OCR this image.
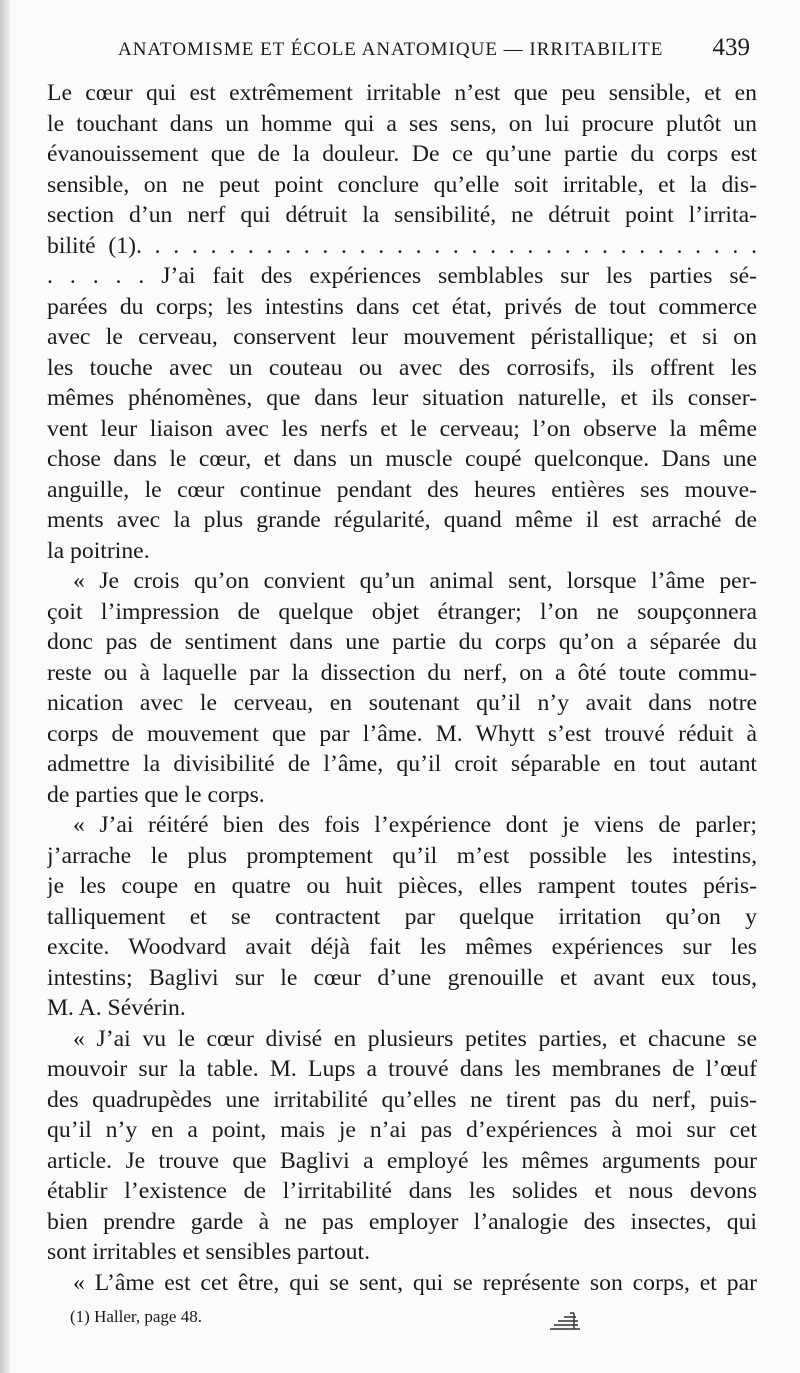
ANATOMISME ET ÉCOLE ANATOMIQUE — IRRITABILITE 439
Le cœur qui est extrêmement irritable n’est que peu sensible, et en
le touchant dans un homme qui a ses sens, on lui procure plutôt un
évanouissement que de la douleur. De ce qu’une partie du corps est
sensible, on ne peut point conclure qu’elle soit irritable, et la dis-
section d’un nerf qui détruit la sensibilité, ne détruit point l’irrita-
bilité (1). . . . . . . . . . . . . . . . . . . . . . . . . . . . . . . . . .
. . . . . J’ai fait des expériences semblables sur les parties sé-
parées du corps; les intestins dans cet état, privés de tout commerce
avec le cerveau, conservent leur mouvement péristallique; et si on
les touche avec un couteau ou avec des corrosifs, ils offrent les
mêmes phénomènes, que dans leur situation naturelle, et ils conser-
vent leur liaison avec les nerfs et le cerveau; l’on observe la même
chose dans le cœur, et dans un muscle coupé quelconque. Dans une
anguille, le cœur continue pendant des heures entières ses mouve-
ments avec la plus grande régularité, quand même il est arraché de
la poitrine.
« Je crois qu’on convient qu’un animal sent, lorsque l’âme per-
çoit l’impression de quelque objet étranger; l’on ne soupçonnera
donc pas de sentiment dans une partie du corps qu’on a séparée du
reste ou à laquelle par la dissection du nerf, on a ôté toute commu-
nication avec le cerveau, en soutenant qu’il n’y avait dans notre
corps de mouvement que par l’âme. M. Whytt s’est trouvé réduit à
admettre la divisibilité de l’âme, qu’il croit séparable en tout autant
de parties que le corps.
« J’ai réitéré bien des fois l’expérience dont je viens de parler;
j’arrache le plus promptement qu’il m’est possible les intestins,
je les coupe en quatre ou huit pièces, elles rampent toutes péris-
talliquement et se contractent par quelque irritation qu’on y
excite. Woodvard avait déjà fait les mêmes expériences sur les
intestins; Baglivi sur le cœur d’une grenouille et avant eux tous,
M. A. Sévérin.
« J’ai vu le cœur divisé en plusieurs petites parties, et chacune se
mouvoir sur la table. M. Lups a trouvé dans les membranes de l’œuf
des quadrupèdes une irritabilité qu’elles ne tirent pas du nerf, puis-
qu’il n’y en a point, mais je n’ai pas d’expériences à moi sur cet
article. Je trouve que Baglivi a employé les mêmes arguments pour
établir l’existence de l’irritabilité dans les solides et nous devons
bien prendre garde à ne pas employer l’analogie des insectes, qui
sont irritables et sensibles partout.
« L’âme est cet être, qui se sent, qui se représente son corps, et par
(1) Haller, page 48.
